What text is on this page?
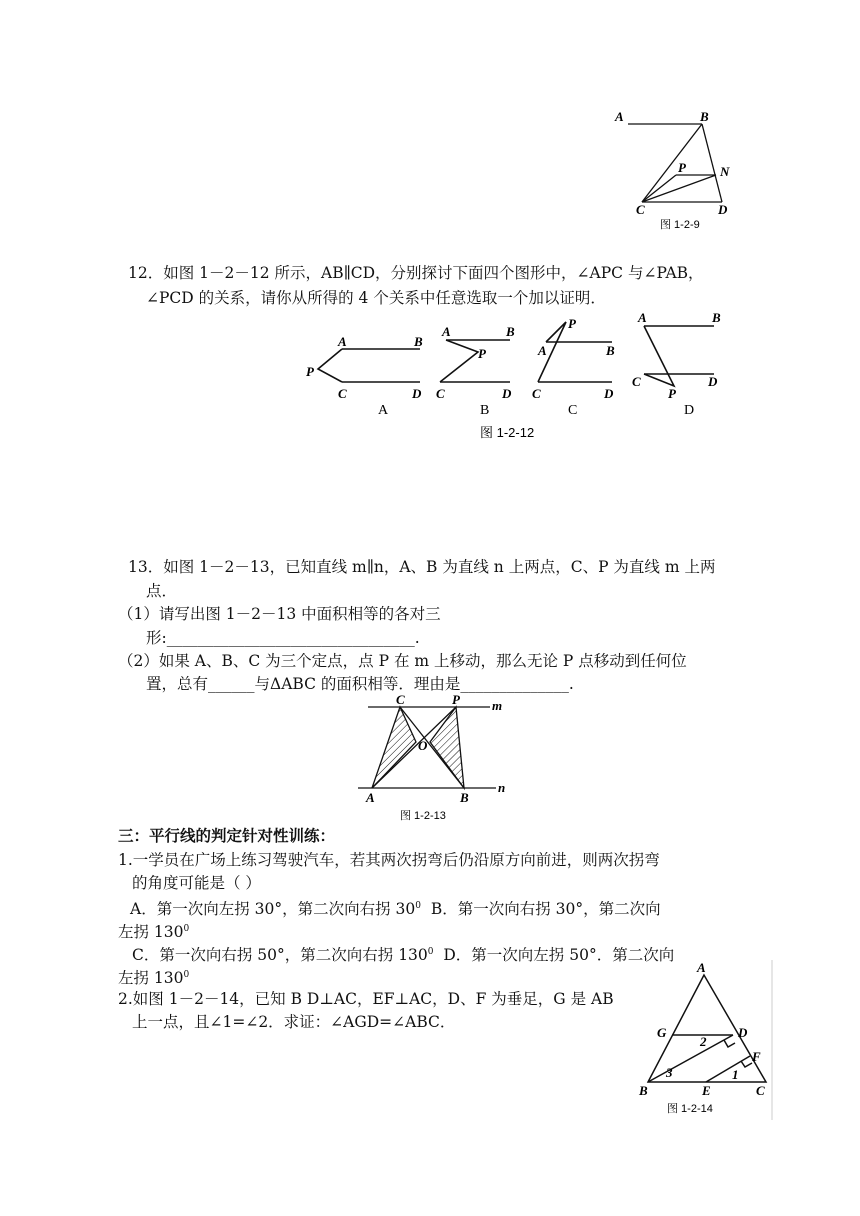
A	B
P	N
C	D
图 1-2-9
12．如图 1－2－12 所示，AB∥CD，分别探讨下面四个图形中，∠APC 与∠PAB，
∠PCD 的关系，请你从所得的 4 个关系中任意选取一个加以证明．
A	B
P
C	D
A
A	B
P
C	D
B
P
A	B
C	D
C
A	B
C	D
P
D
图 1-2-12
13．如图 1－2－13，已知直线 m∥n，A、B 为直线 n 上两点，C、P 为直线 m 上两
点．
（1）请写出图 1－2－13 中面积相等的各对三
形:________________________________.
（2）如果 A、B、C 为三个定点，点 P 在 m 上移动，那么无论 P 点移动到任何位
置，总有______与ΔABC 的面积相等．理由是______________.
C	P m
O
A	B
n
图 1-2-13
三：平行线的判定针对性训练：
1.一学员在广场上练习驾驶汽车，若其两次拐弯后仍沿原方向前进，则两次拐弯
的角度可能是（ ）
A．第一次向左拐 30°，第二次向右拐 $30^0$ B．第一次向右拐 30°，第二次向
左拐 $130^0$
C．第一次向右拐 50°，第二次向右拐 $130^0$ D．第一次向左拐 50°．第二次向
左拐 $130^0$
2.如图 1－2－14，已知 B D⊥AC，EF⊥AC，D、F 为垂足，G 是 AB
上一点，且∠1=∠2．求证：∠AGD=∠ABC．
A
G	D
F
2
3	1
B	E	C
图 1-2-14
